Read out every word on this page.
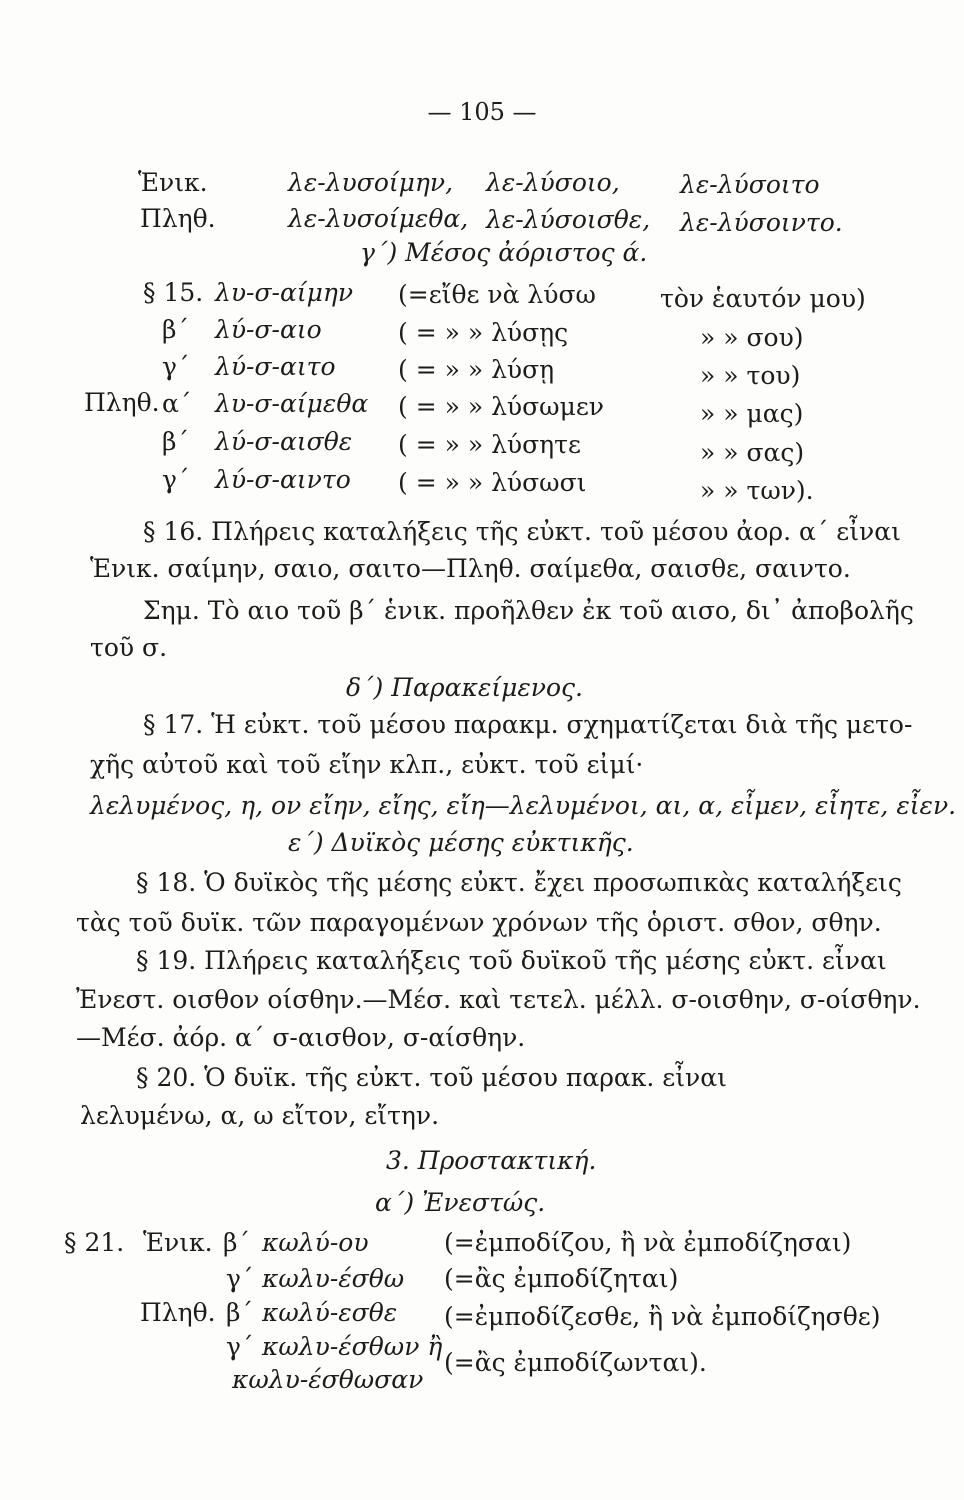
— 105 —
Ἑνικ.	λε-λυσοίμην, λε-λύσοιο, λε-λύσοιτο
Πληθ.	λε-λυσοίμεθα, λε-λύσοισθε, λε-λύσοιντο.
γ΄) Μέσος ἀόριστος ά.
§ 15.
Πληθ.
β΄
γ΄
α΄
β΄
γ΄
λυ-σ-αίμην
λύ-σ-αιο
λύ-σ-αιτο
λυ-σ-αίμεθα
λύ-σ-αισθε
λύ-σ-αιντο
(=εἴθε νὰ λύσω
( = » » λύσῃς
( = » » λύσῃ
( = » » λύσωμεν
( = » » λύσητε
( = » » λύσωσι
τὸν ἑαυτόν μου)
» » σου)
» » του)
» » μας)
» » σας)
» » των).
§ 16. Πλήρεις καταλήξεις τῆς εὐκτ. τοῦ μέσου ἀορ. α΄ εἶναι
Ἑνικ. σαίμην, σαιο, σαιτο—Πληθ. σαίμεθα, σαισθε, σαιντο.
Σημ. Τὸ αιο τοῦ β΄ ἑνικ. προῆλθεν ἐκ τοῦ αισο, δι᾽ ἀποβολῆς
τοῦ σ.
δ΄) Παρακείμενος.
§ 17. Ἡ εὐκτ. τοῦ μέσου παρακμ. σχηματίζεται διὰ τῆς μετο-
χῆς αὐτοῦ καὶ τοῦ εἴην κλπ., εὐκτ. τοῦ εἰμί·
λελυμένος, η, ον εἴην, εἴης, εἴη—λελυμένοι, αι, α, εἶμεν, εἶητε, εἶεν.
ε΄) Δυϊκὸς μέσης εὐκτικῆς.
§ 18. Ὁ δυϊκὸς τῆς μέσης εὐκτ. ἔχει προσωπικὰς καταλήξεις
τὰς τοῦ δυϊκ. τῶν παραγομένων χρόνων τῆς ὁριστ. σθον, σθην.
§ 19. Πλήρεις καταλήξεις τοῦ δυϊκοῦ τῆς μέσης εὐκτ. εἶναι
Ἐνεστ. οισθον οίσθην.—Μέσ. καὶ τετελ. μέλλ. σ-οισθην, σ-οίσθην.
—Μέσ. ἀόρ. α΄ σ-αισθον, σ-αίσθην.
§ 20. Ὁ δυϊκ. τῆς εὐκτ. τοῦ μέσου παρακ. εἶναι
λελυμένω, α, ω εἴτον, εἴτην.
3. Προστακτική.
α΄) Ἐνεστώς.
§ 21. Ἑνικ.
Πληθ.
β΄
γ΄
β΄
γ΄
κωλύ-ου
κωλυ-έσθω
κωλύ-εσθε
κωλυ-έσθων ἢ
κωλυ-έσθωσαν
(=ἐμποδίζου, ἢ νὰ ἐμποδίζησαι)
(=ἂς ἐμποδίζηται)
(=ἐμποδίζεσθε, ἢ νὰ ἐμποδίζησθε)
(=ἂς ἐμποδίζωνται).
